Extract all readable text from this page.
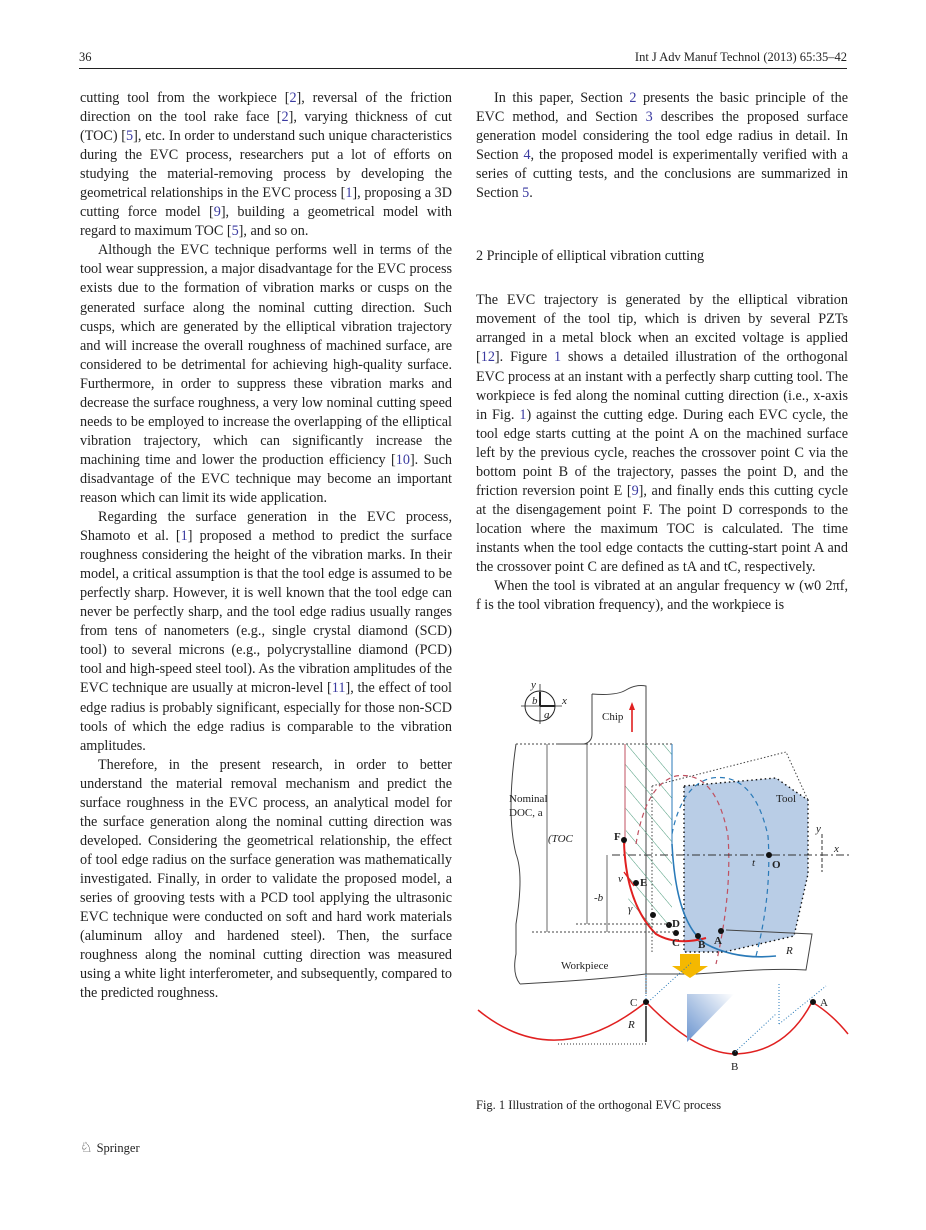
36	Int J Adv Manuf Technol (2013) 65:35–42

cutting tool from the workpiece [2], reversal of the friction direction on the tool rake face [2], varying thickness of cut (TOC) [5], etc. In order to understand such unique characteristics during the EVC process, researchers put a lot of efforts on studying the material-removing process by developing the geometrical relationships in the EVC process [1], proposing a 3D cutting force model [9], building a geometrical model with regard to maximum TOC [5], and so on.

Although the EVC technique performs well in terms of the tool wear suppression, a major disadvantage for the EVC process exists due to the formation of vibration marks or cusps on the generated surface along the nominal cutting direction. Such cusps, which are generated by the elliptical vibration trajectory and will increase the overall roughness of machined surface, are considered to be detrimental for achieving high-quality surface. Furthermore, in order to suppress these vibration marks and decrease the surface roughness, a very low nominal cutting speed needs to be employed to increase the overlapping of the elliptical vibration trajectory, which can significantly increase the machining time and lower the production efficiency [10]. Such disadvantage of the EVC technique may become an important reason which can limit its wide application.

Regarding the surface generation in the EVC process, Shamoto et al. [1] proposed a method to predict the surface roughness considering the height of the vibration marks. In their model, a critical assumption is that the tool edge is assumed to be perfectly sharp. However, it is well known that the tool edge can never be perfectly sharp, and the tool edge radius usually ranges from tens of nanometers (e.g., single crystal diamond (SCD) tool) to several microns (e.g., polycrystalline diamond (PCD) tool and high-speed steel tool). As the vibration amplitudes of the EVC technique are usually at micron-level [11], the effect of tool edge radius is probably significant, especially for those non-SCD tools of which the edge radius is comparable to the vibration amplitudes.

Therefore, in the present research, in order to better understand the material removal mechanism and predict the surface roughness in the EVC process, an analytical model for the surface generation along the nominal cutting direction was developed. Considering the geometrical relationship, the effect of tool edge radius on the surface generation was mathematically investigated. Finally, in order to validate the proposed model, a series of grooving tests with a PCD tool applying the ultrasonic EVC technique were conducted on soft and hard work materials (aluminum alloy and hardened steel). Then, the surface roughness along the nominal cutting direction was measured using a white light interferometer, and subsequently, compared to the predicted roughness.

In this paper, Section 2 presents the basic principle of the EVC method, and Section 3 describes the proposed surface generation model considering the tool edge radius in detail. In Section 4, the proposed model is experimentally verified with a series of cutting tests, and the conclusions are summarized in Section 5.

2 Principle of elliptical vibration cutting

The EVC trajectory is generated by the elliptical vibration movement of the tool tip, which is driven by several PZTs arranged in a metal block when an excited voltage is applied [12]. Figure 1 shows a detailed illustration of the orthogonal EVC process at an instant with a perfectly sharp cutting tool. The workpiece is fed along the nominal cutting direction (i.e., x-axis in Fig. 1) against the cutting edge. During each EVC cycle, the tool edge starts cutting at the point A on the machined surface left by the previous cycle, reaches the crossover point C via the bottom point B of the trajectory, passes the point D, and the friction reversion point E [9], and finally ends this cutting cycle at the disengagement point F. The point D corresponds to the location where the maximum TOC is calculated. The time instants when the tool edge contacts the cutting-start point A and the crossover point C are defined as tA and tC, respectively.

When the tool is vibrated at an angular frequency w (w0 2πf, f is the tool vibration frequency), and the workpiece is

y
x
b
a	Chip
Tool
y
x
t O
F
E
v
γ
D
C B A
Nominal
DOC, a
(TOC
-b
R
Workpiece
C
R
B
A
Fig. 1 Illustration of the orthogonal EVC process
♘ Springer
